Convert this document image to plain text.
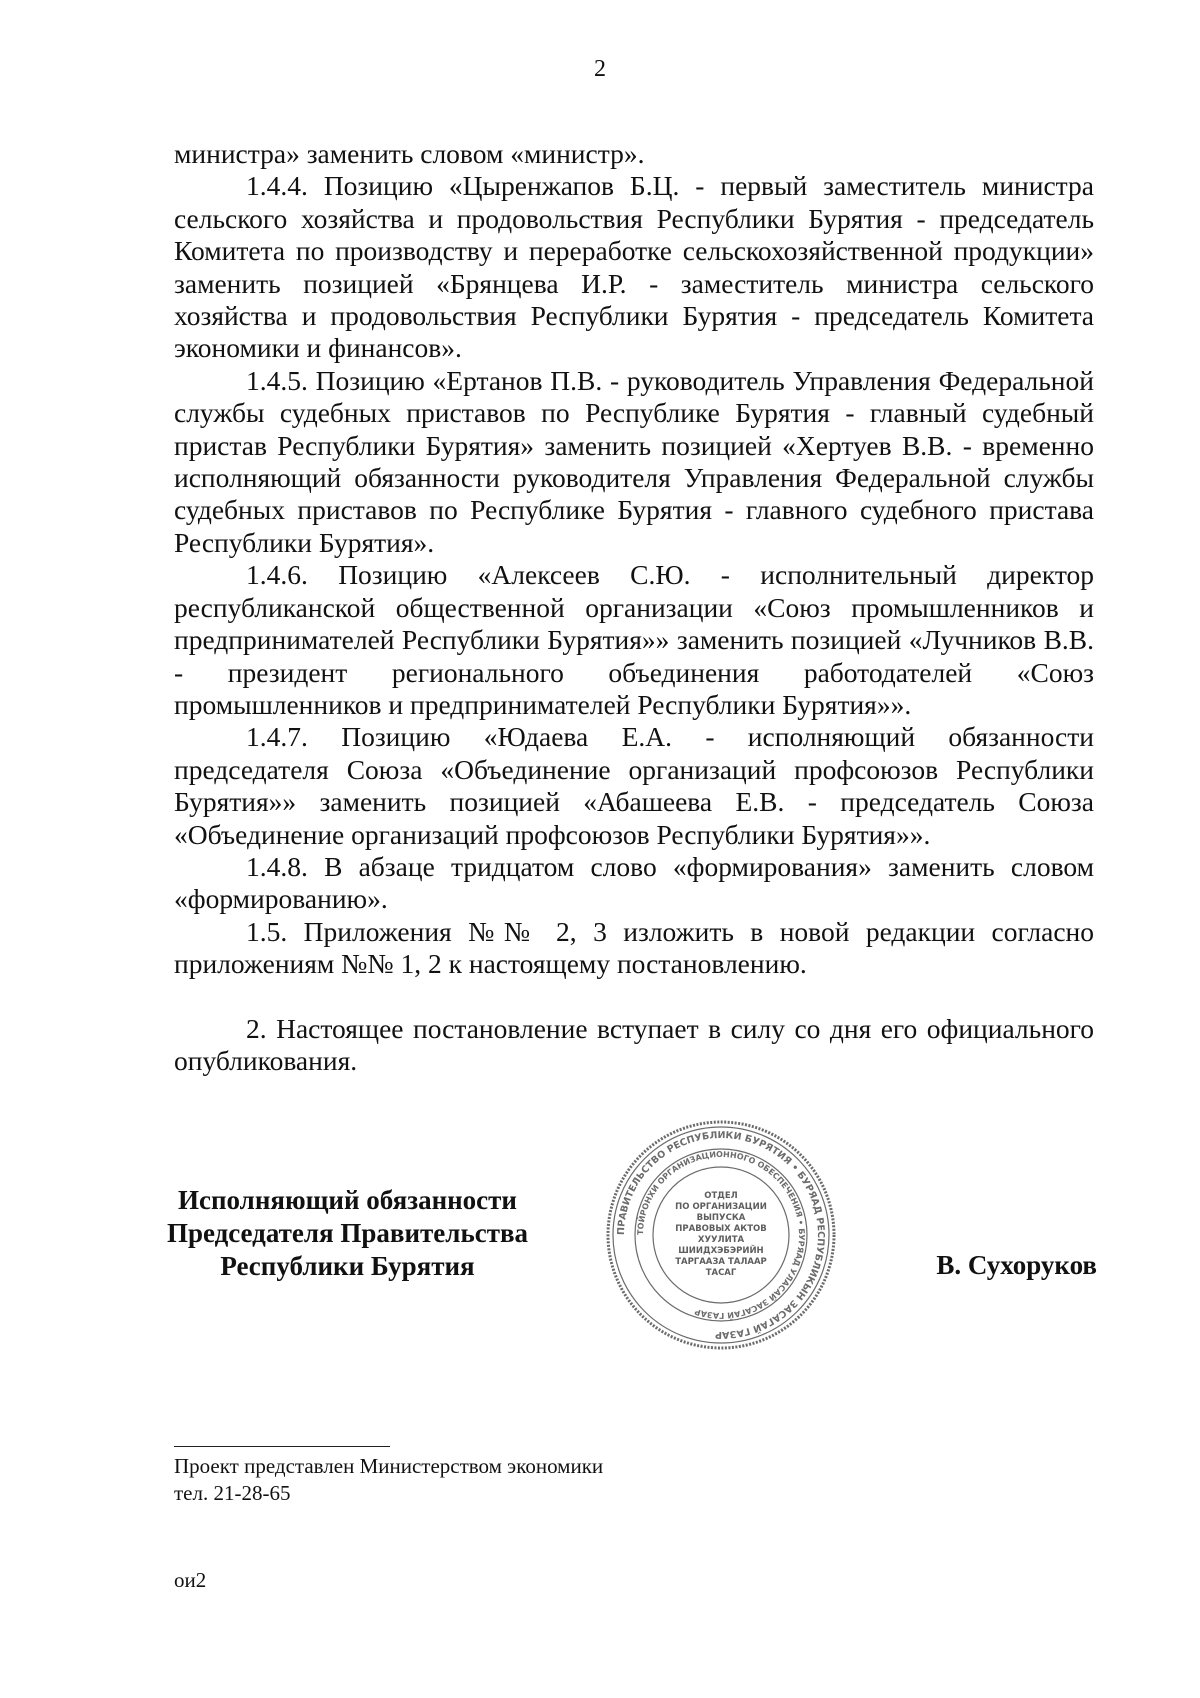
2

министра» заменить словом «министр».

1.4.4. Позицию «Цыренжапов Б.Ц. - первый заместитель министра сельского хозяйства и продовольствия Республики Бурятия - председатель Комитета по производству и переработке сельскохозяйственной продукции» заменить позицией «Брянцева И.Р. - заместитель министра сельского хозяйства и продовольствия Республики Бурятия - председатель Комитета экономики и финансов».

1.4.5. Позицию «Ертанов П.В. - руководитель Управления Федеральной службы судебных приставов по Республике Бурятия - главный судебный пристав Республики Бурятия» заменить позицией «Хертуев В.В. - временно исполняющий обязанности руководителя Управления Федеральной службы судебных приставов по Республике Бурятия - главного судебного пристава Республики Бурятия».

1.4.6. Позицию «Алексеев С.Ю. - исполнительный директор республиканской общественной организации «Союз промышленников и предпринимателей Республики Бурятия»» заменить позицией «Лучников В.В. - президент регионального объединения работодателей «Союз промышленников и предпринимателей Республики Бурятия»».

1.4.7. Позицию «Юдаева Е.А. - исполняющий обязанности председателя Союза «Объединение организаций профсоюзов Республики Бурятия»» заменить позицией «Абашеева Е.В. - председатель Союза «Объединение организаций профсоюзов Республики Бурятия»».

1.4.8. В абзаце тридцатом слово «формирования» заменить словом «формированию».

1.5. Приложения №№ 2, 3 изложить в новой редакции согласно приложениям №№ 1, 2 к настоящему постановлению.

2. Настоящее постановление вступает в силу со дня его официального опубликования.

Исполняющий обязанности
Председателя Правительства
Республики Бурятия
ПРАВИТЕЛЬСТВО РЕСПУБЛИКИ БУРЯТИЯ • БУРЯАД РЕСПУБЛИКЫН ЗАСАГАЙ ГАЗАР
ТОЙРОНХИ ОРГАНИЗАЦИОННОГО ОБЕСПЕЧЕНИЯ • БУРЯАД УЛАСАЙ ЗАСАГАЙ ГАЗАР
ОТДЕЛ
ПО ОРГАНИЗАЦИИ
ВЫПУСКА
ПРАВОВЫХ АКТОВ
ХУУЛИТА
ШИИДХЭБЭРИЙН
ТАРГААЗА ТАЛААР
ТАСАГ	В. Сухоруков
Проект представлен Министерством экономики
тел. 21-28-65
ои2
